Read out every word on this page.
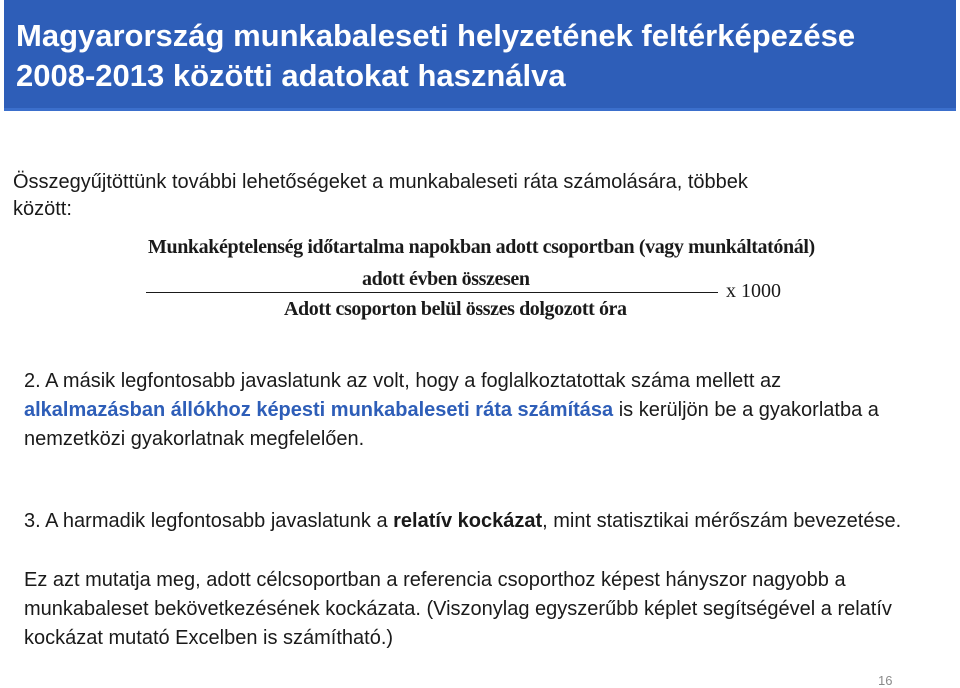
Magyarország munkabaleseti helyzetének feltérképezése
2008-2013 közötti adatokat használva
Összegyűjtöttünk további lehetőségeket a munkabaleseti ráta számolására, többek
között:
Munkaképtelenség időtartalma napokban adott csoportban (vagy munkáltatónál)
adott évben összesen
x 1000
Adott csoporton belül összes dolgozott óra
2. A másik legfontosabb javaslatunk az volt, hogy a foglalkoztatottak száma mellett az alkalmazásban állókhoz képesti munkabaleseti ráta számítása is kerüljön be a gyakorlatba a nemzetközi gyakorlatnak megfelelően.
3. A harmadik legfontosabb javaslatunk a relatív kockázat, mint statisztikai mérőszám bevezetése.
Ez azt mutatja meg, adott célcsoportban a referencia csoporthoz képest hányszor nagyobb a munkabaleset bekövetkezésének kockázata. (Viszonylag egyszerűbb képlet segítségével a relatív kockázat mutató Excelben is számítható.)
16
